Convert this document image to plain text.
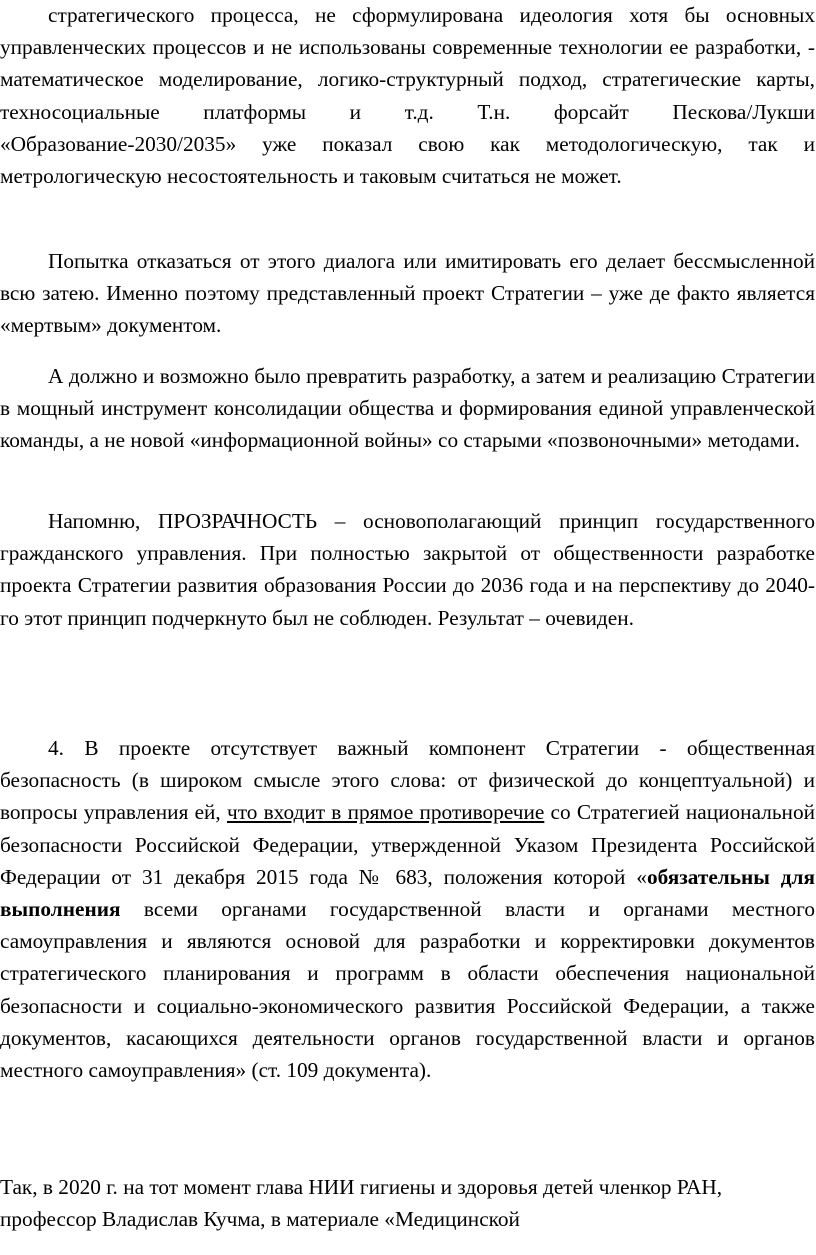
стратегического процесса, не сформулирована идеология хотя бы основных управленческих процессов и не использованы современные технологии ее разработки, - математическое моделирование, логико-структурный подход, стратегические карты, техносоциальные платформы и т.д. Т.н. форсайт Пескова/Лукши «Образование-2030/2035» уже показал свою как методологическую, так и метрологическую несостоятельность и таковым считаться не может.

Попытка отказаться от этого диалога или имитировать его делает бессмысленной всю затею. Именно поэтому представленный проект Стратегии – уже де факто является «мертвым» документом.

А должно и возможно было превратить разработку, а затем и реализацию Стратегии в мощный инструмент консолидации общества и формирования единой управленческой команды, а не новой «информационной войны» со старыми «позвоночными» методами.

Напомню, ПРОЗРАЧНОСТЬ – основополагающий принцип государственного гражданского управления. При полностью закрытой от общественности разработке проекта Стратегии развития образования России до 2036 года и на перспективу до 2040-го этот принцип подчеркнуто был не соблюден. Результат – очевиден.

4. В проекте отсутствует важный компонент Стратегии - общественная безопасность (в широком смысле этого слова: от физической до концептуальной) и вопросы управления ей, что входит в прямое противоречие со Стратегией национальной безопасности Российской Федерации, утвержденной Указом Президента Российской Федерации от 31 декабря 2015 года № 683, положения которой «обязательны для выполнения всеми органами государственной власти и органами местного самоуправления и являются основой для разработки и корректировки документов стратегического планирования и программ в области обеспечения национальной безопасности и социально-экономического развития Российской Федерации, а также документов, касающихся деятельности органов государственной власти и органов местного самоуправления» (ст. 109 документа).

Так, в 2020 г. на тот момент глава НИИ гигиены и здоровья детей членкор РАН, профессор Владислав Кучма, в материале «Медицинской
